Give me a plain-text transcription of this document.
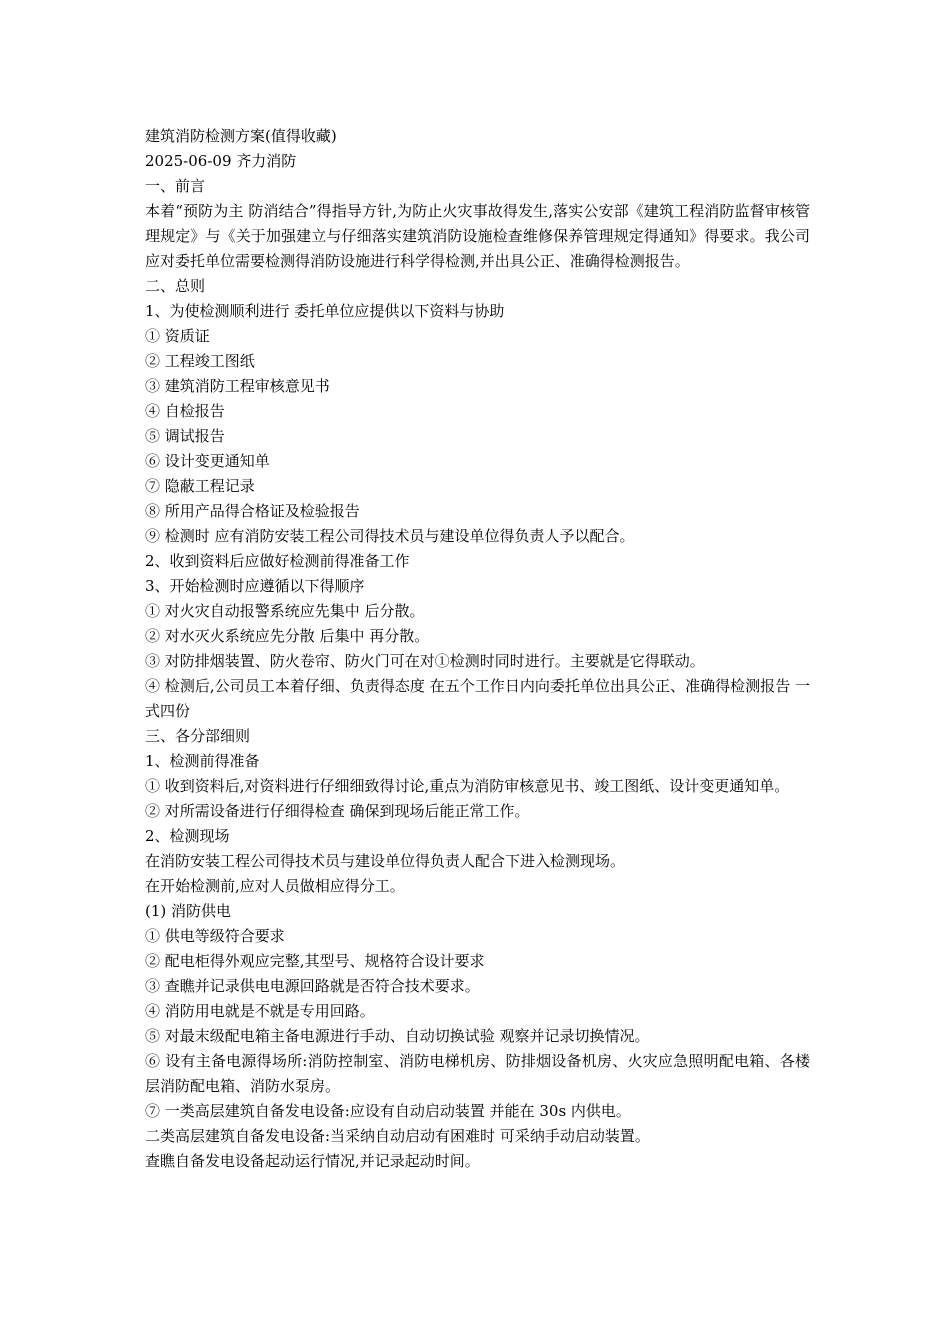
建筑消防检测方案(值得收藏)
2025-06-09 齐力消防
一、前言
本着“预防为主 防消结合”得指导方针,为防止火灾事故得发生,落实公安部《建筑工程消防监督审核管理规定》与《关于加强建立与仔细落实建筑消防设施检查维修保养管理规定得通知》得要求。我公司应对委托单位需要检测得消防设施进行科学得检测,并出具公正、准确得检测报告。
二、总则
1、为使检测顺利进行 委托单位应提供以下资料与协助
① 资质证
② 工程竣工图纸
③ 建筑消防工程审核意见书
④ 自检报告
⑤ 调试报告
⑥ 设计变更通知单
⑦ 隐蔽工程记录
⑧ 所用产品得合格证及检验报告
⑨ 检测时 应有消防安装工程公司得技术员与建设单位得负责人予以配合。
2、收到资料后应做好检测前得准备工作
3、开始检测时应遵循以下得顺序
① 对火灾自动报警系统应先集中 后分散。
② 对水灭火系统应先分散 后集中 再分散。
③ 对防排烟装置、防火卷帘、防火门可在对①检测时同时进行。主要就是它得联动。
④ 检测后,公司员工本着仔细、负责得态度 在五个工作日内向委托单位出具公正、准确得检测报告 一式四份
三、各分部细则
1、检测前得准备
① 收到资料后,对资料进行仔细细致得讨论,重点为消防审核意见书、竣工图纸、设计变更通知单。
② 对所需设备进行仔细得检查 确保到现场后能正常工作。
2、检测现场
在消防安装工程公司得技术员与建设单位得负责人配合下进入检测现场。
在开始检测前,应对人员做相应得分工。
(1) 消防供电
① 供电等级符合要求
② 配电柜得外观应完整,其型号、规格符合设计要求
③ 查瞧并记录供电电源回路就是否符合技术要求。
④ 消防用电就是不就是专用回路。
⑤ 对最末级配电箱主备电源进行手动、自动切换试验 观察并记录切换情况。
⑥ 设有主备电源得场所:消防控制室、消防电梯机房、防排烟设备机房、火灾应急照明配电箱、各楼层消防配电箱、消防水泵房。
⑦ 一类高层建筑自备发电设备:应设有自动启动装置 并能在 30s 内供电。
二类高层建筑自备发电设备:当采纳自动启动有困难时 可采纳手动启动装置。
查瞧自备发电设备起动运行情况,并记录起动时间。
